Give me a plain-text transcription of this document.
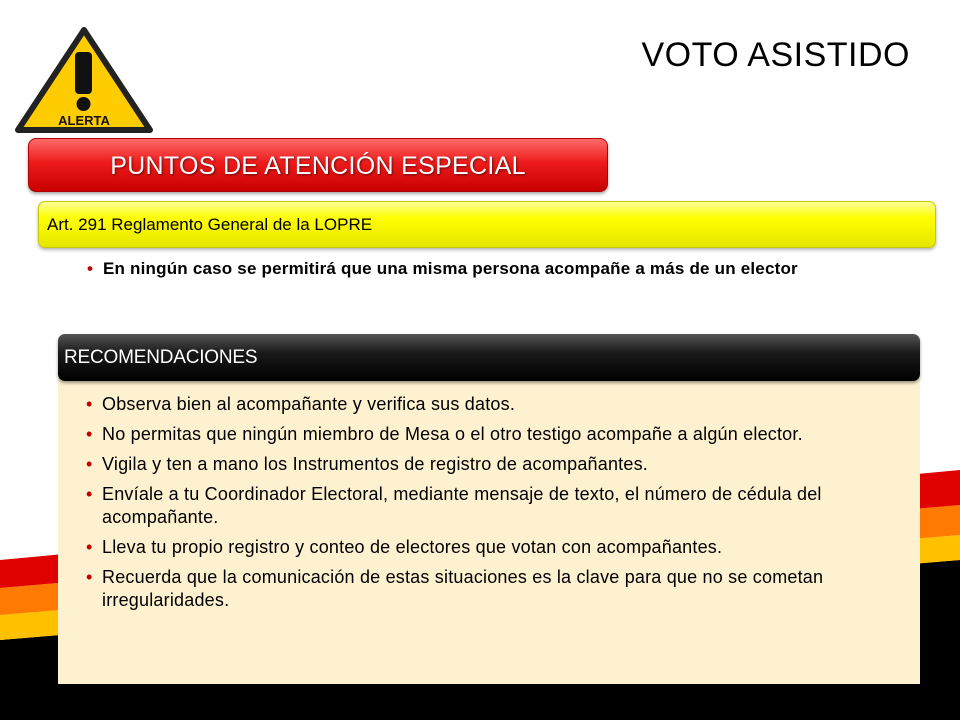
ALERTA
VOTO ASISTIDO
PUNTOS DE ATENCIÓN ESPECIAL
Art. 291 Reglamento General de la LOPRE
• En ningún caso se permitirá que una misma persona acompañe a más de un elector
RECOMENDACIONES
• Observa bien al acompañante y verifica sus datos.
• No permitas que ningún miembro de Mesa o el otro testigo acompañe a algún elector.
• Vigila y ten a mano los Instrumentos de registro de acompañantes.
• Envíale a tu Coordinador Electoral, mediante mensaje de texto, el número de cédula del acompañante.
• Lleva tu propio registro y conteo de electores que votan con acompañantes.
• Recuerda que la comunicación de estas situaciones es la clave para que no se cometan irregularidades.
